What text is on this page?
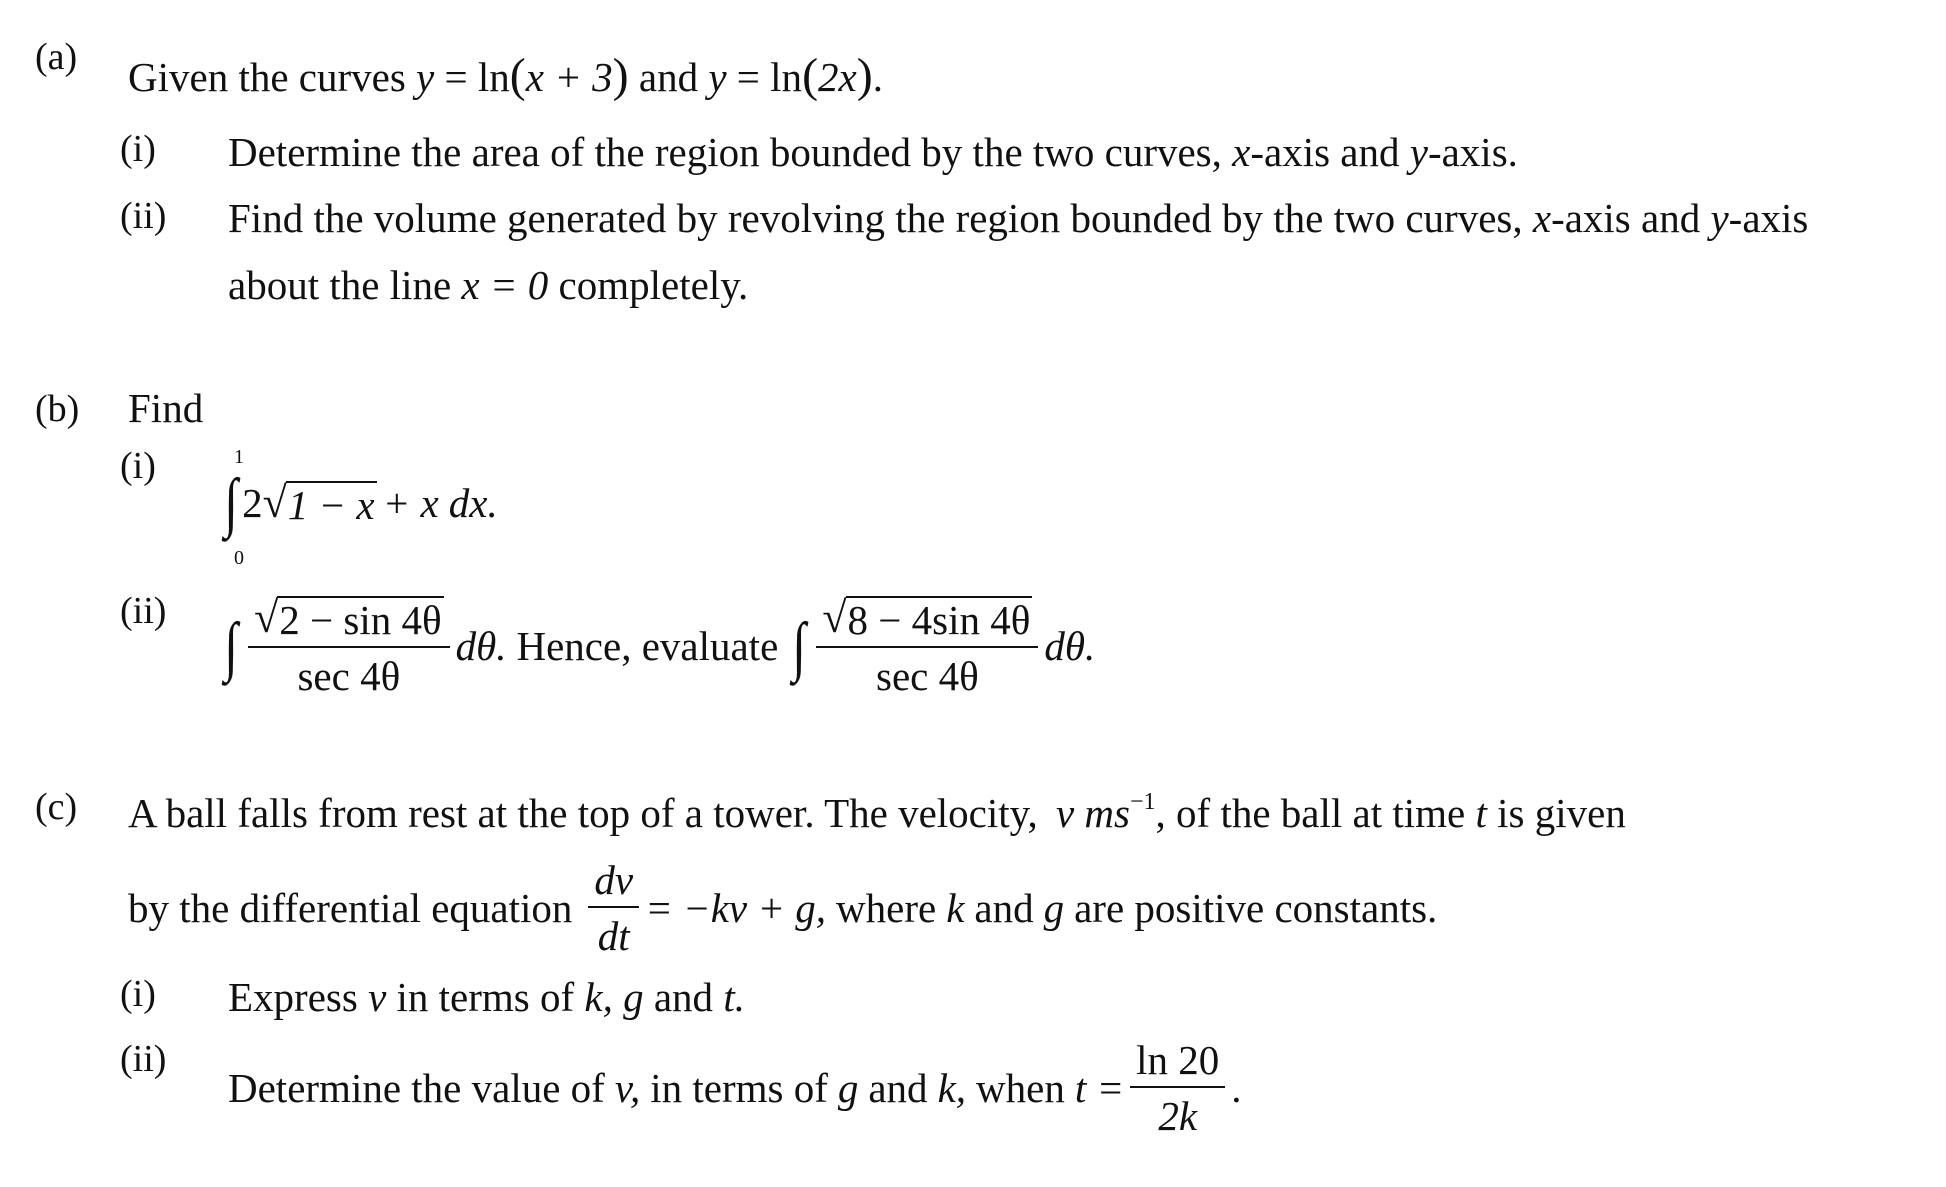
(a) Given the curves y = ln(x + 3) and y = ln(2x).
(i) Determine the area of the region bounded by the two curves, x-axis and y-axis.
(ii) Find the volume generated by revolving the region bounded by the two curves, x-axis and y-axis
about the line x = 0 completely.
(b) Find
(i)	1
0
∫ 2 √ 1 − x + x dx.
(ii) ∫ $\frac{√ 2 - \sin 4\theta}{\sec 4\theta} d\theta$. Hence, evaluate ∫ $\frac{√ 8 - 4\sin 4\theta}{\sec 4\theta} d\theta$.
(c) A ball falls from rest at the top of a tower. The velocity, v $ms^{-1}$, of the ball at time t is given
by the differential equation $\frac{dv}{dt} = -kv + g$, where k and g are positive constants.
(i) Express v in terms of k, g and t.
(ii)
Determine the value of v, in terms of g and k, when $t = \frac{\ln 20}{2k}$ .
